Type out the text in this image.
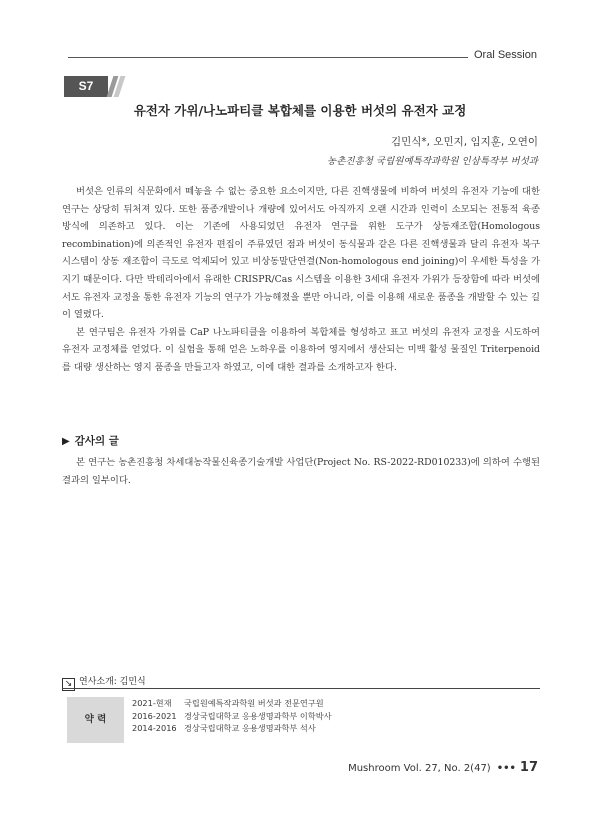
Oral Session
S7
유전자 가위/나노파티클 복합체를 이용한 버섯의 유전자 교정
김민식*, 오민지, 임지훈, 오연이
농촌진흥청 국립원예특작과학원 인삼특작부 버섯과

버섯은 인류의 식문화에서 떼놓을 수 없는 중요한 요소이지만, 다른 진핵생물에 비하여 버섯의 유전자 기능에 대한 연구는 상당히 뒤처져 있다. 또한 품종개발이나 개량에 있어서도 아직까지 오랜 시간과 인력이 소모되는 전통적 육종 방식에 의존하고 있다. 이는 기존에 사용되었던 유전자 연구를 위한 도구가 상동재조합(Homologous recombination)에 의존적인 유전자 편집이 주류였던 점과 버섯이 동식물과 같은 다른 진핵생물과 달리 유전자 복구 시스템이 상동 재조합이 극도로 억제되어 있고 비상동말단연결(Non-homologous end joining)이 우세한 특성을 가지기 때문이다. 다만 박테리아에서 유래한 CRISPR/Cas 시스템을 이용한 3세대 유전자 가위가 등장함에 따라 버섯에서도 유전자 교정을 통한 유전자 기능의 연구가 가능해졌을 뿐만 아니라, 이를 이용해 새로운 품종을 개발할 수 있는 길이 열렸다.

본 연구팀은 유전자 가위를 CaP 나노파티클을 이용하여 복합체를 형성하고 표고 버섯의 유전자 교정을 시도하여 유전자 교정체를 얻었다. 이 실험을 통해 얻은 노하우를 이용하여 영지에서 생산되는 미백 활성 물질인 Triterpenoid를 대량 생산하는 영지 품종을 만들고자 하였고, 이에 대한 결과를 소개하고자 한다.

▶ 감사의 글

본 연구는 농촌진흥청 차세대농작물신육종기술개발 사업단(Project No. RS-2022-RD010233)에 의하여 수행된 결과의 일부이다.

↘ 연사소개: 김민식
약 력
2021-현재 국립원예특작과학원 버섯과 전문연구원
2016-2021 경상국립대학교 응용생명과학부 이학박사
2014-2016 경상국립대학교 응용생명과학부 석사
Mushroom Vol. 27, No. 2(47) ••• 17
